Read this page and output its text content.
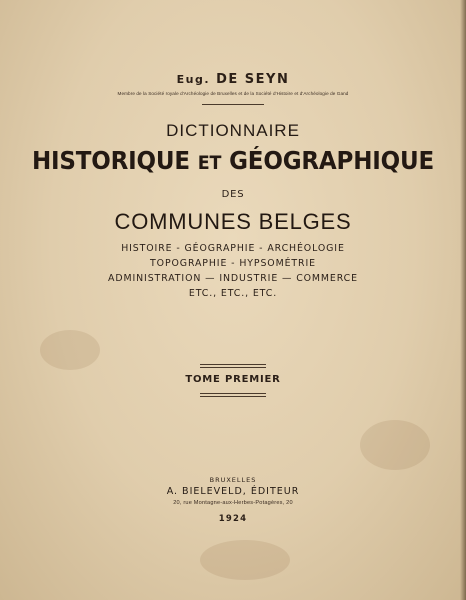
Eug. DE SEYN
Membre de la Société royale d'Archéologie de Bruxelles et de la Société d'Histoire et d'Archéologie de Gand
DICTIONNAIRE
HISTORIQUE ET GÉOGRAPHIQUE
DES
COMMUNES BELGES
HISTOIRE - GÉOGRAPHIE - ARCHÉOLOGIE
TOPOGRAPHIE - HYPSOMÉTRIE
ADMINISTRATION — INDUSTRIE — COMMERCE
ETC., ETC., ETC.
TOME PREMIER
BRUXELLES
A. BIELEVELD, ÉDITEUR
20, rue Montagne-aux-Herbes-Potagères, 20
1924
